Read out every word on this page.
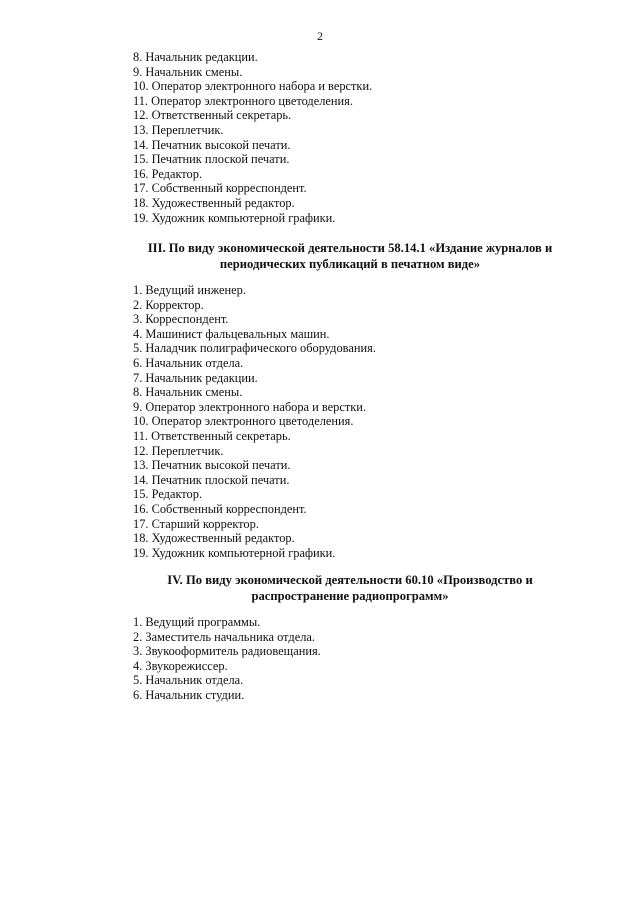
2
8. Начальник редакции.
9. Начальник смены.
10. Оператор электронного набора и верстки.
11. Оператор электронного цветоделения.
12. Ответственный секретарь.
13. Переплетчик.
14. Печатник высокой печати.
15. Печатник плоской печати.
16. Редактор.
17. Собственный корреспондент.
18. Художественный редактор.
19. Художник компьютерной графики.
III. По виду экономической деятельности 58.14.1 «Издание журналов и
периодических публикаций в печатном виде»
1. Ведущий инженер.
2. Корректор.
3. Корреспондент.
4. Машинист фальцевальных машин.
5. Наладчик полиграфического оборудования.
6. Начальник отдела.
7. Начальник редакции.
8. Начальник смены.
9. Оператор электронного набора и верстки.
10. Оператор электронного цветоделения.
11. Ответственный секретарь.
12. Переплетчик.
13. Печатник высокой печати.
14. Печатник плоской печати.
15. Редактор.
16. Собственный корреспондент.
17. Старший корректор.
18. Художественный редактор.
19. Художник компьютерной графики.
IV. По виду экономической деятельности 60.10 «Производство и
распространение радиопрограмм»
1. Ведущий программы.
2. Заместитель начальника отдела.
3. Звукооформитель радиовещания.
4. Звукорежиссер.
5. Начальник отдела.
6. Начальник студии.
